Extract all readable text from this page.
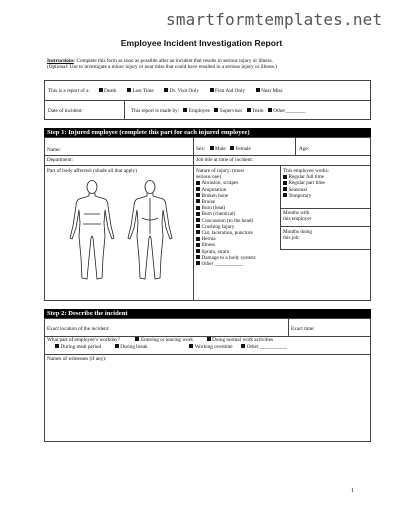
smartformtemplates.net
Employee Incident Investigation Report
Instructions: Complete this form as soon as possible after an incident that results in serious injury or illness.
(Optional: Use to investigate a minor injury or near miss that could have resulted in a serious injury or illness.)
This is a report of a:	Death	Lost Time	Dr. Visit Only	First Aid Only	Near Miss
Date of incident:	This report is made by: Employee Supervisor Team Other________
Step 1: Injured employee (complete this part for each injured employee)
Name:	Sex: Male Female	Age:
Department:	Job title at time of incident:
Part of body affected: (shade all that apply)	Nature of injury: (most
serious one)
Abrasion, scrapes
Amputation
Broken bone
Bruise
Burn (heat)
Burn (chemical)
Concussion (to the head)
Crushing Injury
Cut, laceration, puncture
Hernia
Illness
Sprain, strain
Damage to a body system:
Other ___________
This employee works:
Regular full time
Regular part time
Seasonal
Temporary
Months with
this employer
Months doing
this job:
Step 2: Describe the incident
Exact location of the incident:	Exact time:
What part of employee’s workday?	Entering or leaving work	Doing normal work activities
During meal period	During break	Working overtime	Other___________
Names of witnesses (if any):
1
